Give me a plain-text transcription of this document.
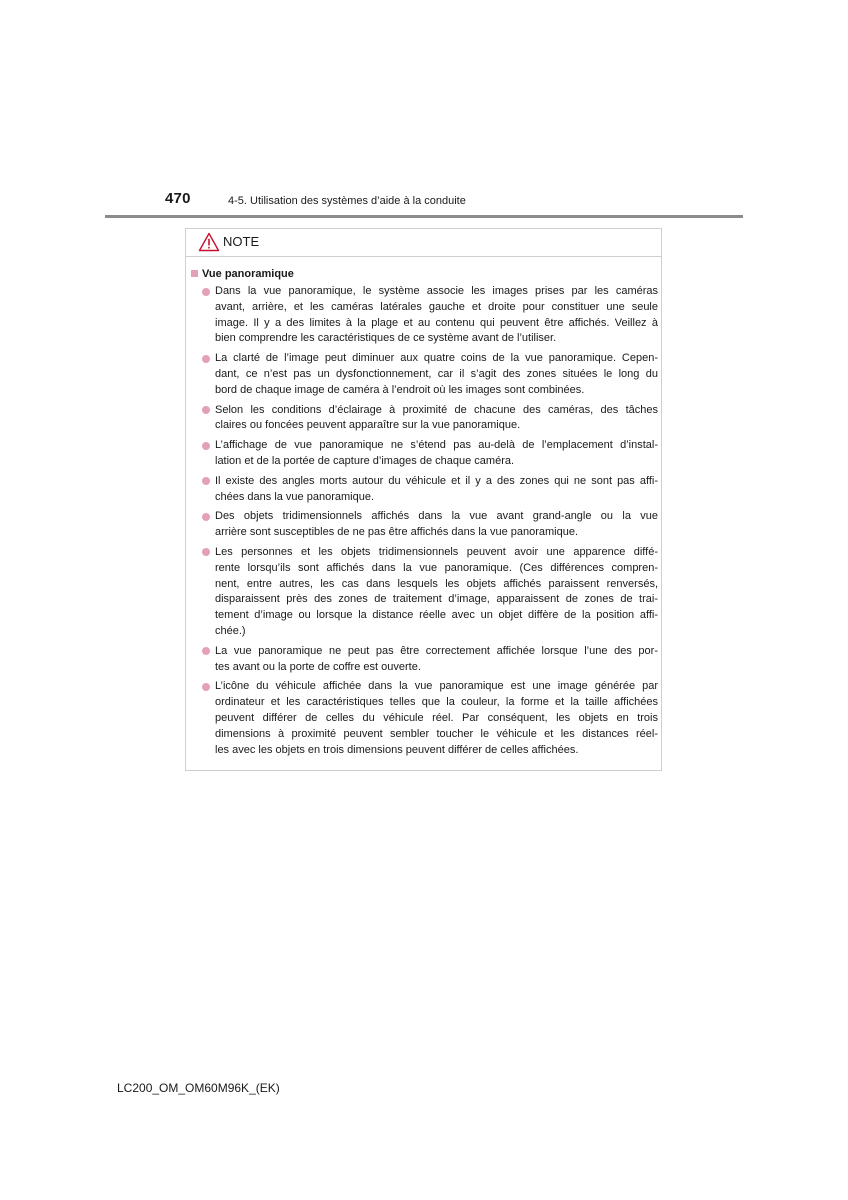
470	4-5. Utilisation des systèmes d’aide à la conduite
NOTE
Vue panoramique
Dans la vue panoramique, le système associe les images prises par les caméras
avant, arrière, et les caméras latérales gauche et droite pour constituer une seule
image. Il y a des limites à la plage et au contenu qui peuvent être affichés. Veillez à
bien comprendre les caractéristiques de ce système avant de l’utiliser.
La clarté de l’image peut diminuer aux quatre coins de la vue panoramique. Cepen-
dant, ce n’est pas un dysfonctionnement, car il s’agit des zones situées le long du
bord de chaque image de caméra à l’endroit où les images sont combinées.
Selon les conditions d’éclairage à proximité de chacune des caméras, des tâches
claires ou foncées peuvent apparaître sur la vue panoramique.
L’affichage de vue panoramique ne s’étend pas au-delà de l’emplacement d’instal-
lation et de la portée de capture d’images de chaque caméra.
Il existe des angles morts autour du véhicule et il y a des zones qui ne sont pas affi-
chées dans la vue panoramique.
Des objets tridimensionnels affichés dans la vue avant grand-angle ou la vue
arrière sont susceptibles de ne pas être affichés dans la vue panoramique.
Les personnes et les objets tridimensionnels peuvent avoir une apparence diffé-
rente lorsqu’ils sont affichés dans la vue panoramique. (Ces différences compren-
nent, entre autres, les cas dans lesquels les objets affichés paraissent renversés,
disparaissent près des zones de traitement d’image, apparaissent de zones de trai-
tement d’image ou lorsque la distance réelle avec un objet diffère de la position affi-
chée.)
La vue panoramique ne peut pas être correctement affichée lorsque l’une des por-
tes avant ou la porte de coffre est ouverte.
L’icône du véhicule affichée dans la vue panoramique est une image générée par
ordinateur et les caractéristiques telles que la couleur, la forme et la taille affichées
peuvent différer de celles du véhicule réel. Par conséquent, les objets en trois
dimensions à proximité peuvent sembler toucher le véhicule et les distances réel-
les avec les objets en trois dimensions peuvent différer de celles affichées.
LC200_OM_OM60M96K_(EK)
